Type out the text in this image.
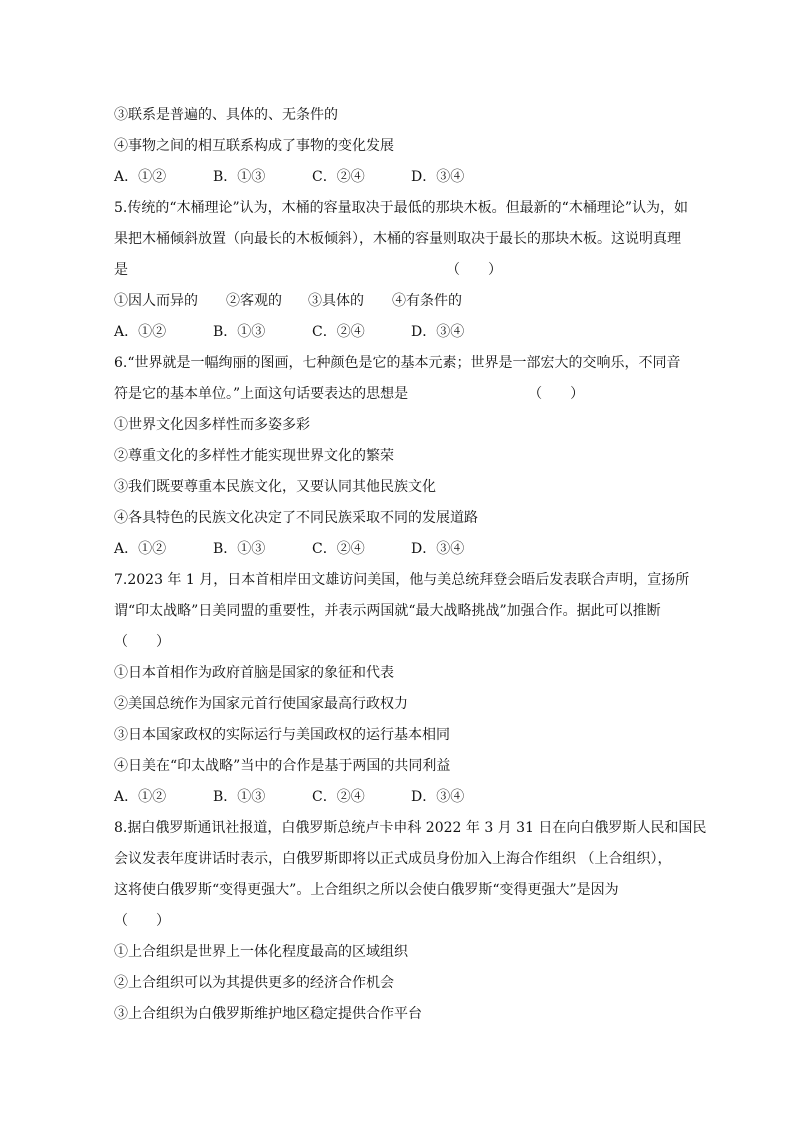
③联系是普遍的、具体的、无条件的
④事物之间的相互联系构成了事物的变化发展
A．①②	B．①③	C．②④	D．③④
5.传统的“木桶理论”认为，木桶的容量取决于最低的那块木板。但最新的“木桶理论”认为，如
果把木桶倾斜放置（向最长的木板倾斜），木桶的容量则取决于最长的那块木板。这说明真理
是	（　　）
①因人而异的 ②客观的 ③具体的 ④有条件的
A．①②	B．①③	C．②④	D．③④
6.“世界就是一幅绚丽的图画，七种颜色是它的基本元素；世界是一部宏大的交响乐，不同音
符是它的基本单位。”上面这句话要表达的思想是	（　　）
①世界文化因多样性而多姿多彩
②尊重文化的多样性才能实现世界文化的繁荣
③我们既要尊重本民族文化，又要认同其他民族文化
④各具特色的民族文化决定了不同民族采取不同的发展道路
A．①②	B．①③	C．②④	D．③④
7.2023 年 1 月，日本首相岸田文雄访问美国，他与美总统拜登会晤后发表联合声明，宣扬所
谓“印太战略”日美同盟的重要性，并表示两国就“最大战略挑战”加强合作。据此可以推断
（　　）
①日本首相作为政府首脑是国家的象征和代表
②美国总统作为国家元首行使国家最高行政权力
③日本国家政权的实际运行与美国政权的运行基本相同
④日美在“印太战略”当中的合作是基于两国的共同利益
A．①②	B．①③	C．②④	D．③④
8.据白俄罗斯通讯社报道，白俄罗斯总统卢卡申科 2022 年 3 月 31 日在向白俄罗斯人民和国民
会议发表年度讲话时表示，白俄罗斯即将以正式成员身份加入上海合作组织 （上合组织），
这将使白俄罗斯“变得更强大”。上合组织之所以会使白俄罗斯“变得更强大”是因为
（　　）
①上合组织是世界上一体化程度最高的区域组织
②上合组织可以为其提供更多的经济合作机会
③上合组织为白俄罗斯维护地区稳定提供合作平台
